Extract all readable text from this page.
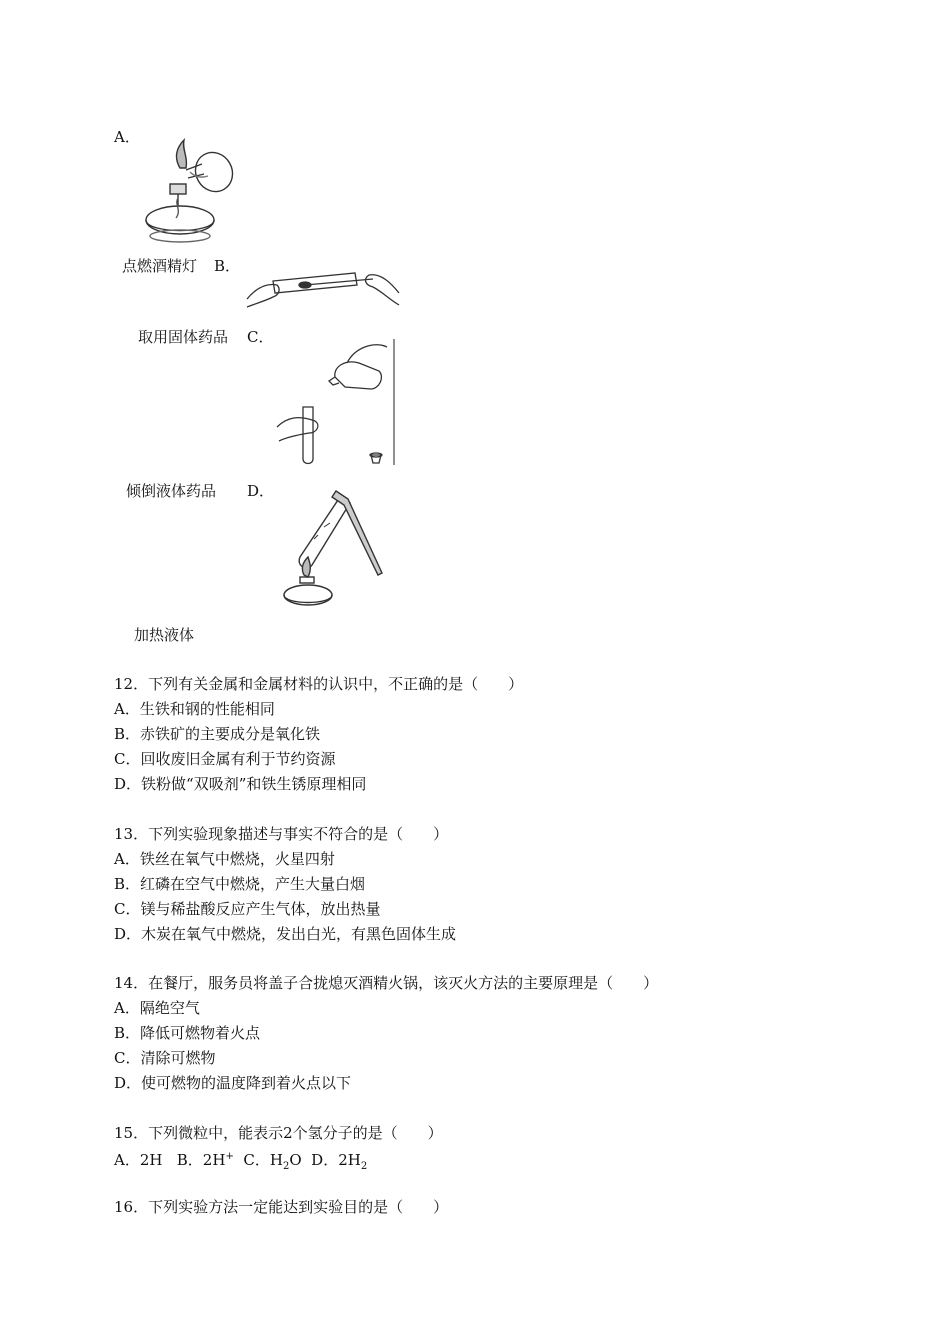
A．
点燃酒精灯 B．
取用固体药品 C．
倾倒液体药品 D．
加热液体
12．下列有关金属和金属材料的认识中，不正确的是（　　）
A．生铁和钢的性能相同
B．赤铁矿的主要成分是氧化铁
C．回收废旧金属有利于节约资源
D．铁粉做“双吸剂”和铁生锈原理相同
13．下列实验现象描述与事实不符合的是（　　）
A．铁丝在氧气中燃烧，火星四射
B．红磷在空气中燃烧，产生大量白烟
C．镁与稀盐酸反应产生气体，放出热量
D．木炭在氧气中燃烧，发出白光，有黑色固体生成
14．在餐厅，服务员将盖子合拢熄灭酒精火锅，该灭火方法的主要原理是（　　）
A．隔绝空气
B．降低可燃物着火点
C．清除可燃物
D．使可燃物的温度降到着火点以下
15．下列微粒中，能表示2个氢分子的是（　　）
A．2H B．2H+ C．$H_2O$ D．$2H_2$
16．下列实验方法一定能达到实验目的是（　　）
